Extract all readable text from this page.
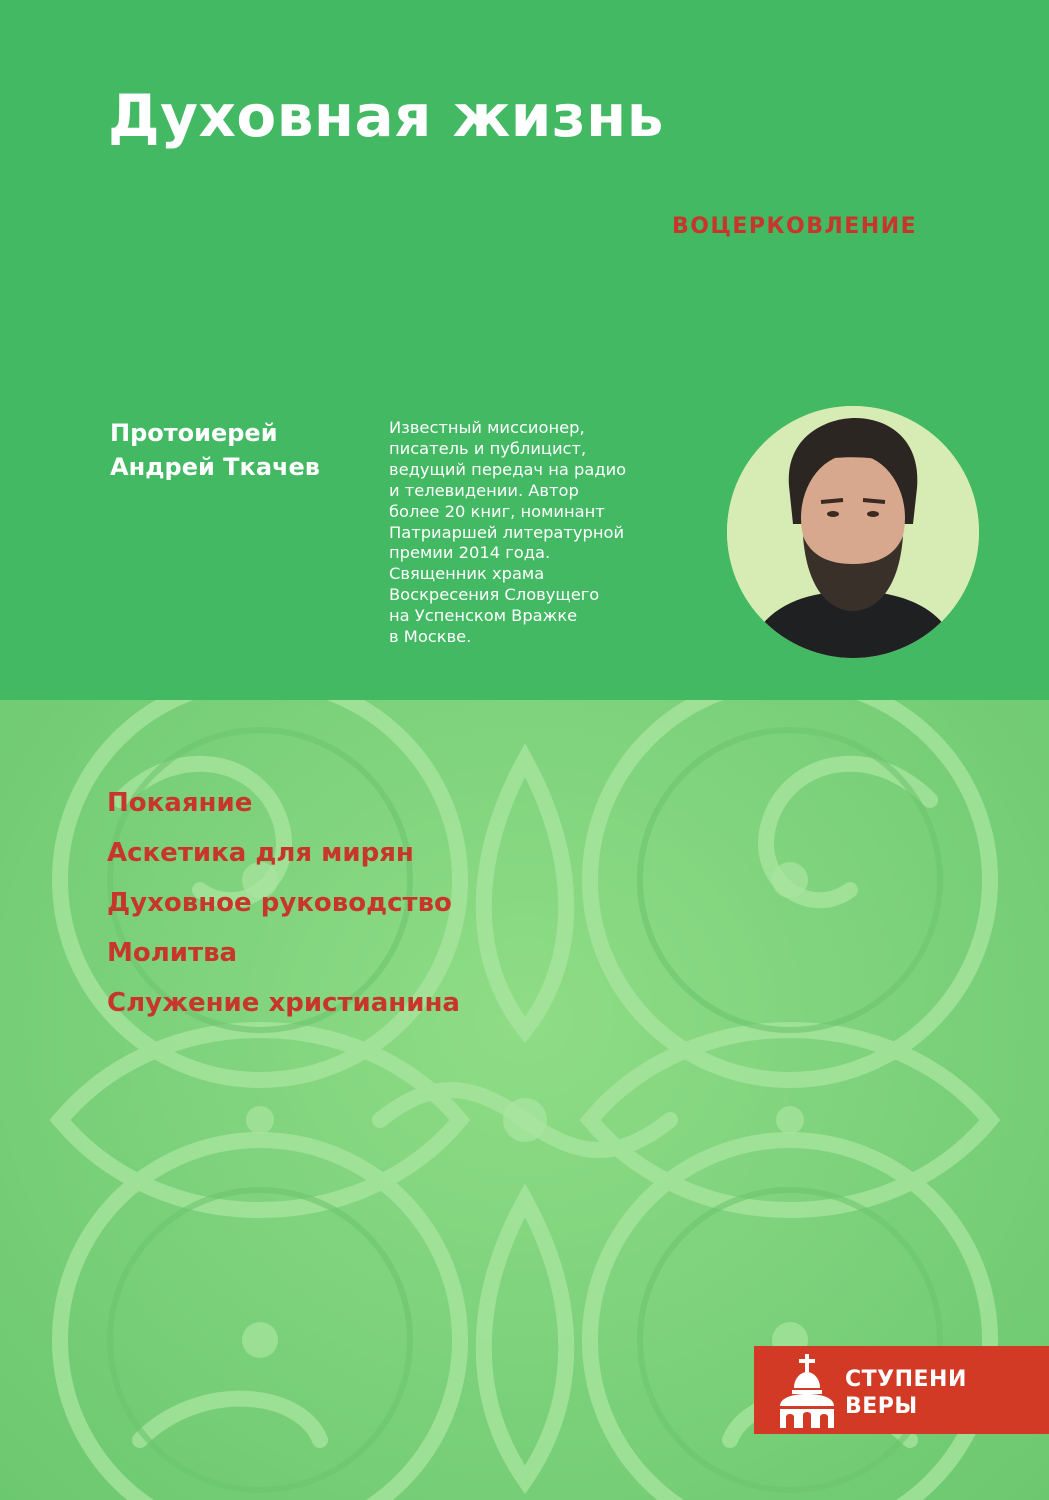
Духовная жизнь
ВОЦЕРКОВЛЕНИЕ
Протоиерей
Андрей Ткачев
Известный миссионер,
писатель и публицист,
ведущий передач на радио
и телевидении. Автор
более 20 книг, номинант
Патриаршей литературной
премии 2014 года.
Священник храма
Воскресения Словущего
на Успенском Вражке
в Москве.
Покаяние
Аскетика для мирян
Духовное руководство
Молитва
Служение христианина
СТУПЕНИ
ВЕРЫ
